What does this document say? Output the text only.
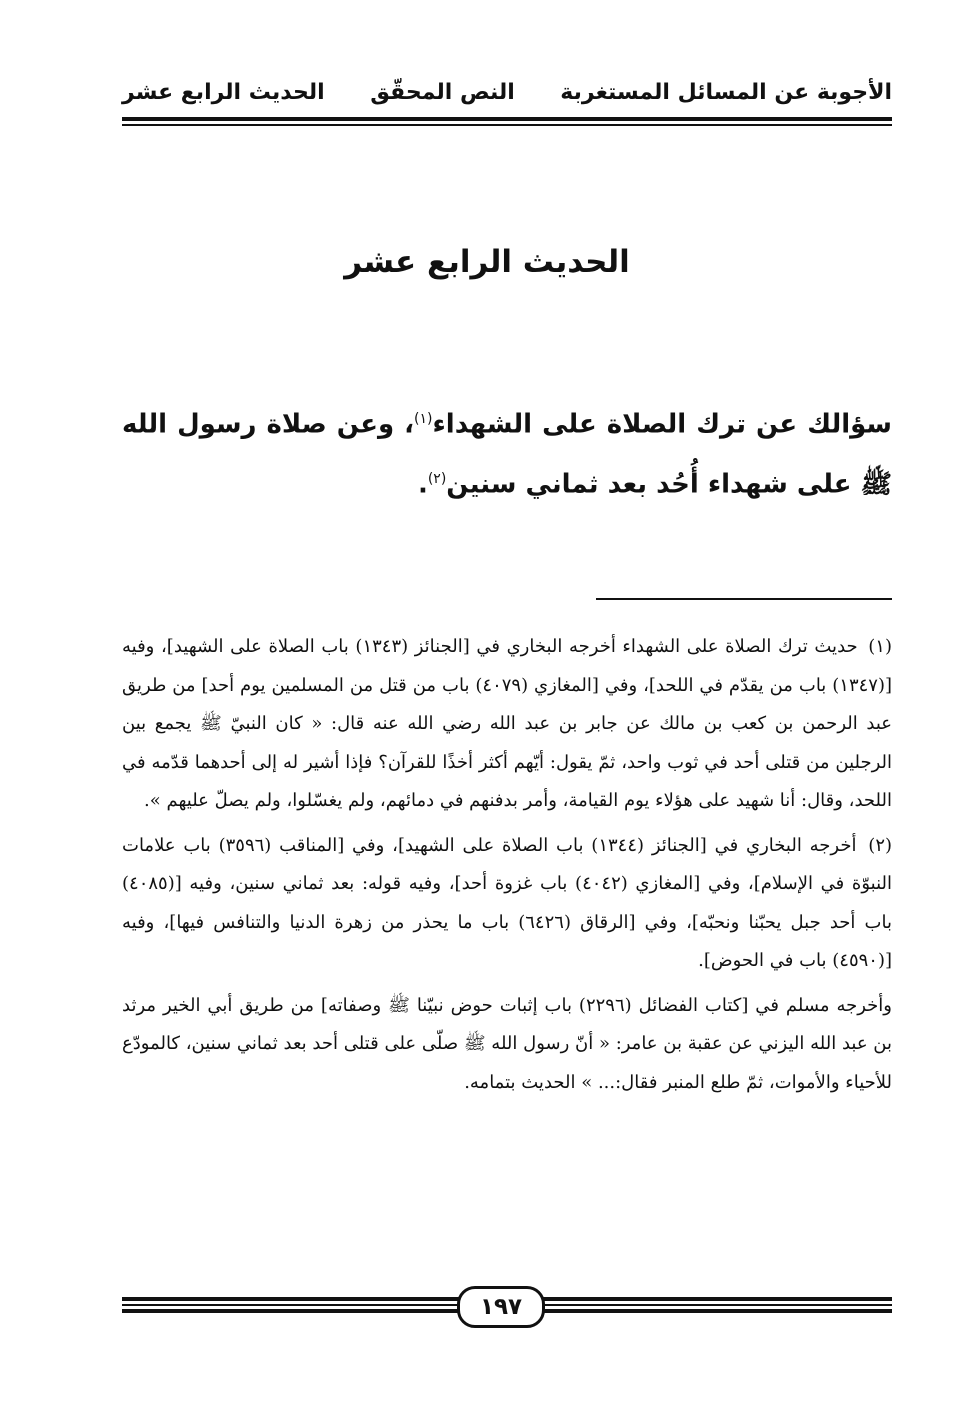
الأجوبة عن المسائل المستغربة
النص المحقّق
الحديث الرابع عشر
الحديث الرابع عشر
سؤالك عن ترك الصلاة على الشهداء$^{(١)}$، وعن صلاة رسول الله ﷺ على شهداء أُحُد بعد ثماني سنين$^{(٢)}$.

(١) حديث ترك الصلاة على الشهداء أخرجه البخاري في [الجنائز (١٣٤٣) باب الصلاة على الشهيد]، وفيه [(١٣٤٧) باب من يقدّم في اللحد]، وفي [المغازي (٤٠٧٩) باب من قتل من المسلمين يوم أحد] من طريق عبد الرحمن بن كعب بن مالك عن جابر بن عبد الله رضي الله عنه قال: « كان النبيّ ﷺ يجمع بين الرجلين من قتلى أحد في ثوب واحد، ثمّ يقول: أيّهم أكثر أخذًا للقرآن؟ فإذا أشير له إلى أحدهما قدّمه في اللحد، وقال: أنا شهيد على هؤلاء يوم القيامة، وأمر بدفنهم في دمائهم، ولم يغسّلوا، ولم يصلّ عليهم ».

(٢) أخرجه البخاري في [الجنائز (١٣٤٤) باب الصلاة على الشهيد]، وفي [المناقب (٣٥٩٦) باب علامات النبوّة في الإسلام]، وفي [المغازي (٤٠٤٢) باب غزوة أحد]، وفيه قوله: بعد ثماني سنين، وفيه [(٤٠٨٥) باب أحد جبل يحبّنا ونحبّه]، وفي [الرقاق (٦٤٢٦) باب ما يحذر من زهرة الدنيا والتنافس فيها]، وفيه [(٤٥٩٠) باب في الحوض].

وأخرجه مسلم في [كتاب الفضائل (٢٢٩٦) باب إثبات حوض نبيّنا ﷺ وصفاته] من طريق أبي الخير مرثد بن عبد الله اليزني عن عقبة بن عامر: « أنّ رسول الله ﷺ صلّى على قتلى أحد بعد ثماني سنين، كالمودّع للأحياء والأموات، ثمّ طلع المنبر فقال:... » الحديث بتمامه.

١٩٧
